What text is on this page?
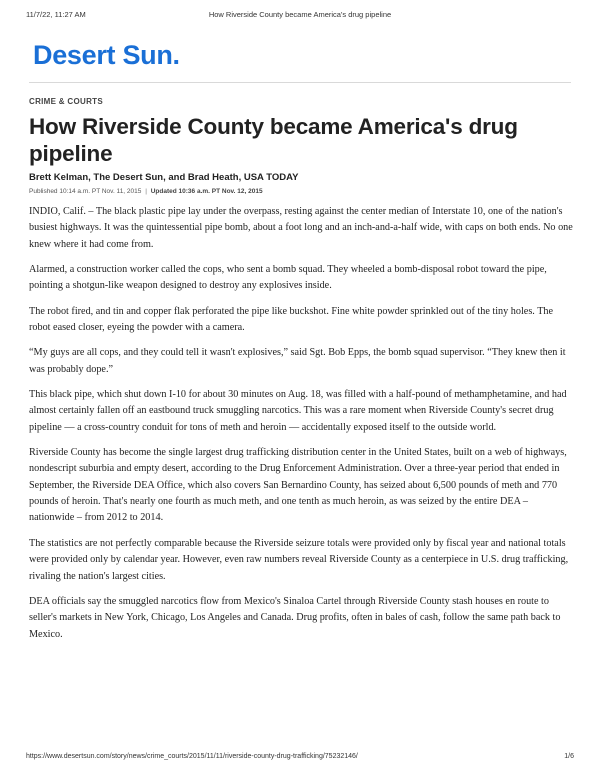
11/7/22, 11:27 AM	How Riverside County became America's drug pipeline
Desert Sun.
CRIME & COURTS
How Riverside County became America's drug pipeline
Brett Kelman, The Desert Sun, and Brad Heath, USA TODAY
Published 10:14 a.m. PT Nov. 11, 2015 | Updated 10:36 a.m. PT Nov. 12, 2015

INDIO, Calif. – The black plastic pipe lay under the overpass, resting against the center median of Interstate 10, one of the nation's busiest highways. It was the quintessential pipe bomb, about a foot long and an inch-and-a-half wide, with caps on both ends. No one knew where it had come from.

Alarmed, a construction worker called the cops, who sent a bomb squad. They wheeled a bomb-disposal robot toward the pipe, pointing a shotgun-like weapon designed to destroy any explosives inside.

The robot fired, and tin and copper flak perforated the pipe like buckshot. Fine white powder sprinkled out of the tiny holes. The robot eased closer, eyeing the powder with a camera.

“My guys are all cops, and they could tell it wasn't explosives,” said Sgt. Bob Epps, the bomb squad supervisor. “They knew then it was probably dope.”

This black pipe, which shut down I-10 for about 30 minutes on Aug. 18, was filled with a half-pound of methamphetamine, and had almost certainly fallen off an eastbound truck smuggling narcotics. This was a rare moment when Riverside County's secret drug pipeline — a cross-country conduit for tons of meth and heroin — accidentally exposed itself to the outside world.

Riverside County has become the single largest drug trafficking distribution center in the United States, built on a web of highways, nondescript suburbia and empty desert, according to the Drug Enforcement Administration. Over a three-year period that ended in September, the Riverside DEA Office, which also covers San Bernardino County, has seized about 6,500 pounds of meth and 770 pounds of heroin. That's nearly one fourth as much meth, and one tenth as much heroin, as was seized by the entire DEA – nationwide – from 2012 to 2014.

The statistics are not perfectly comparable because the Riverside seizure totals were provided only by fiscal year and national totals were provided only by calendar year. However, even raw numbers reveal Riverside County as a centerpiece in U.S. drug trafficking, rivaling the nation's largest cities.

DEA officials say the smuggled narcotics flow from Mexico's Sinaloa Cartel through Riverside County stash houses en route to seller's markets in New York, Chicago, Los Angeles and Canada. Drug profits, often in bales of cash, follow the same path back to Mexico.

https://www.desertsun.com/story/news/crime_courts/2015/11/11/riverside-county-drug-trafficking/75232146/	1/6
